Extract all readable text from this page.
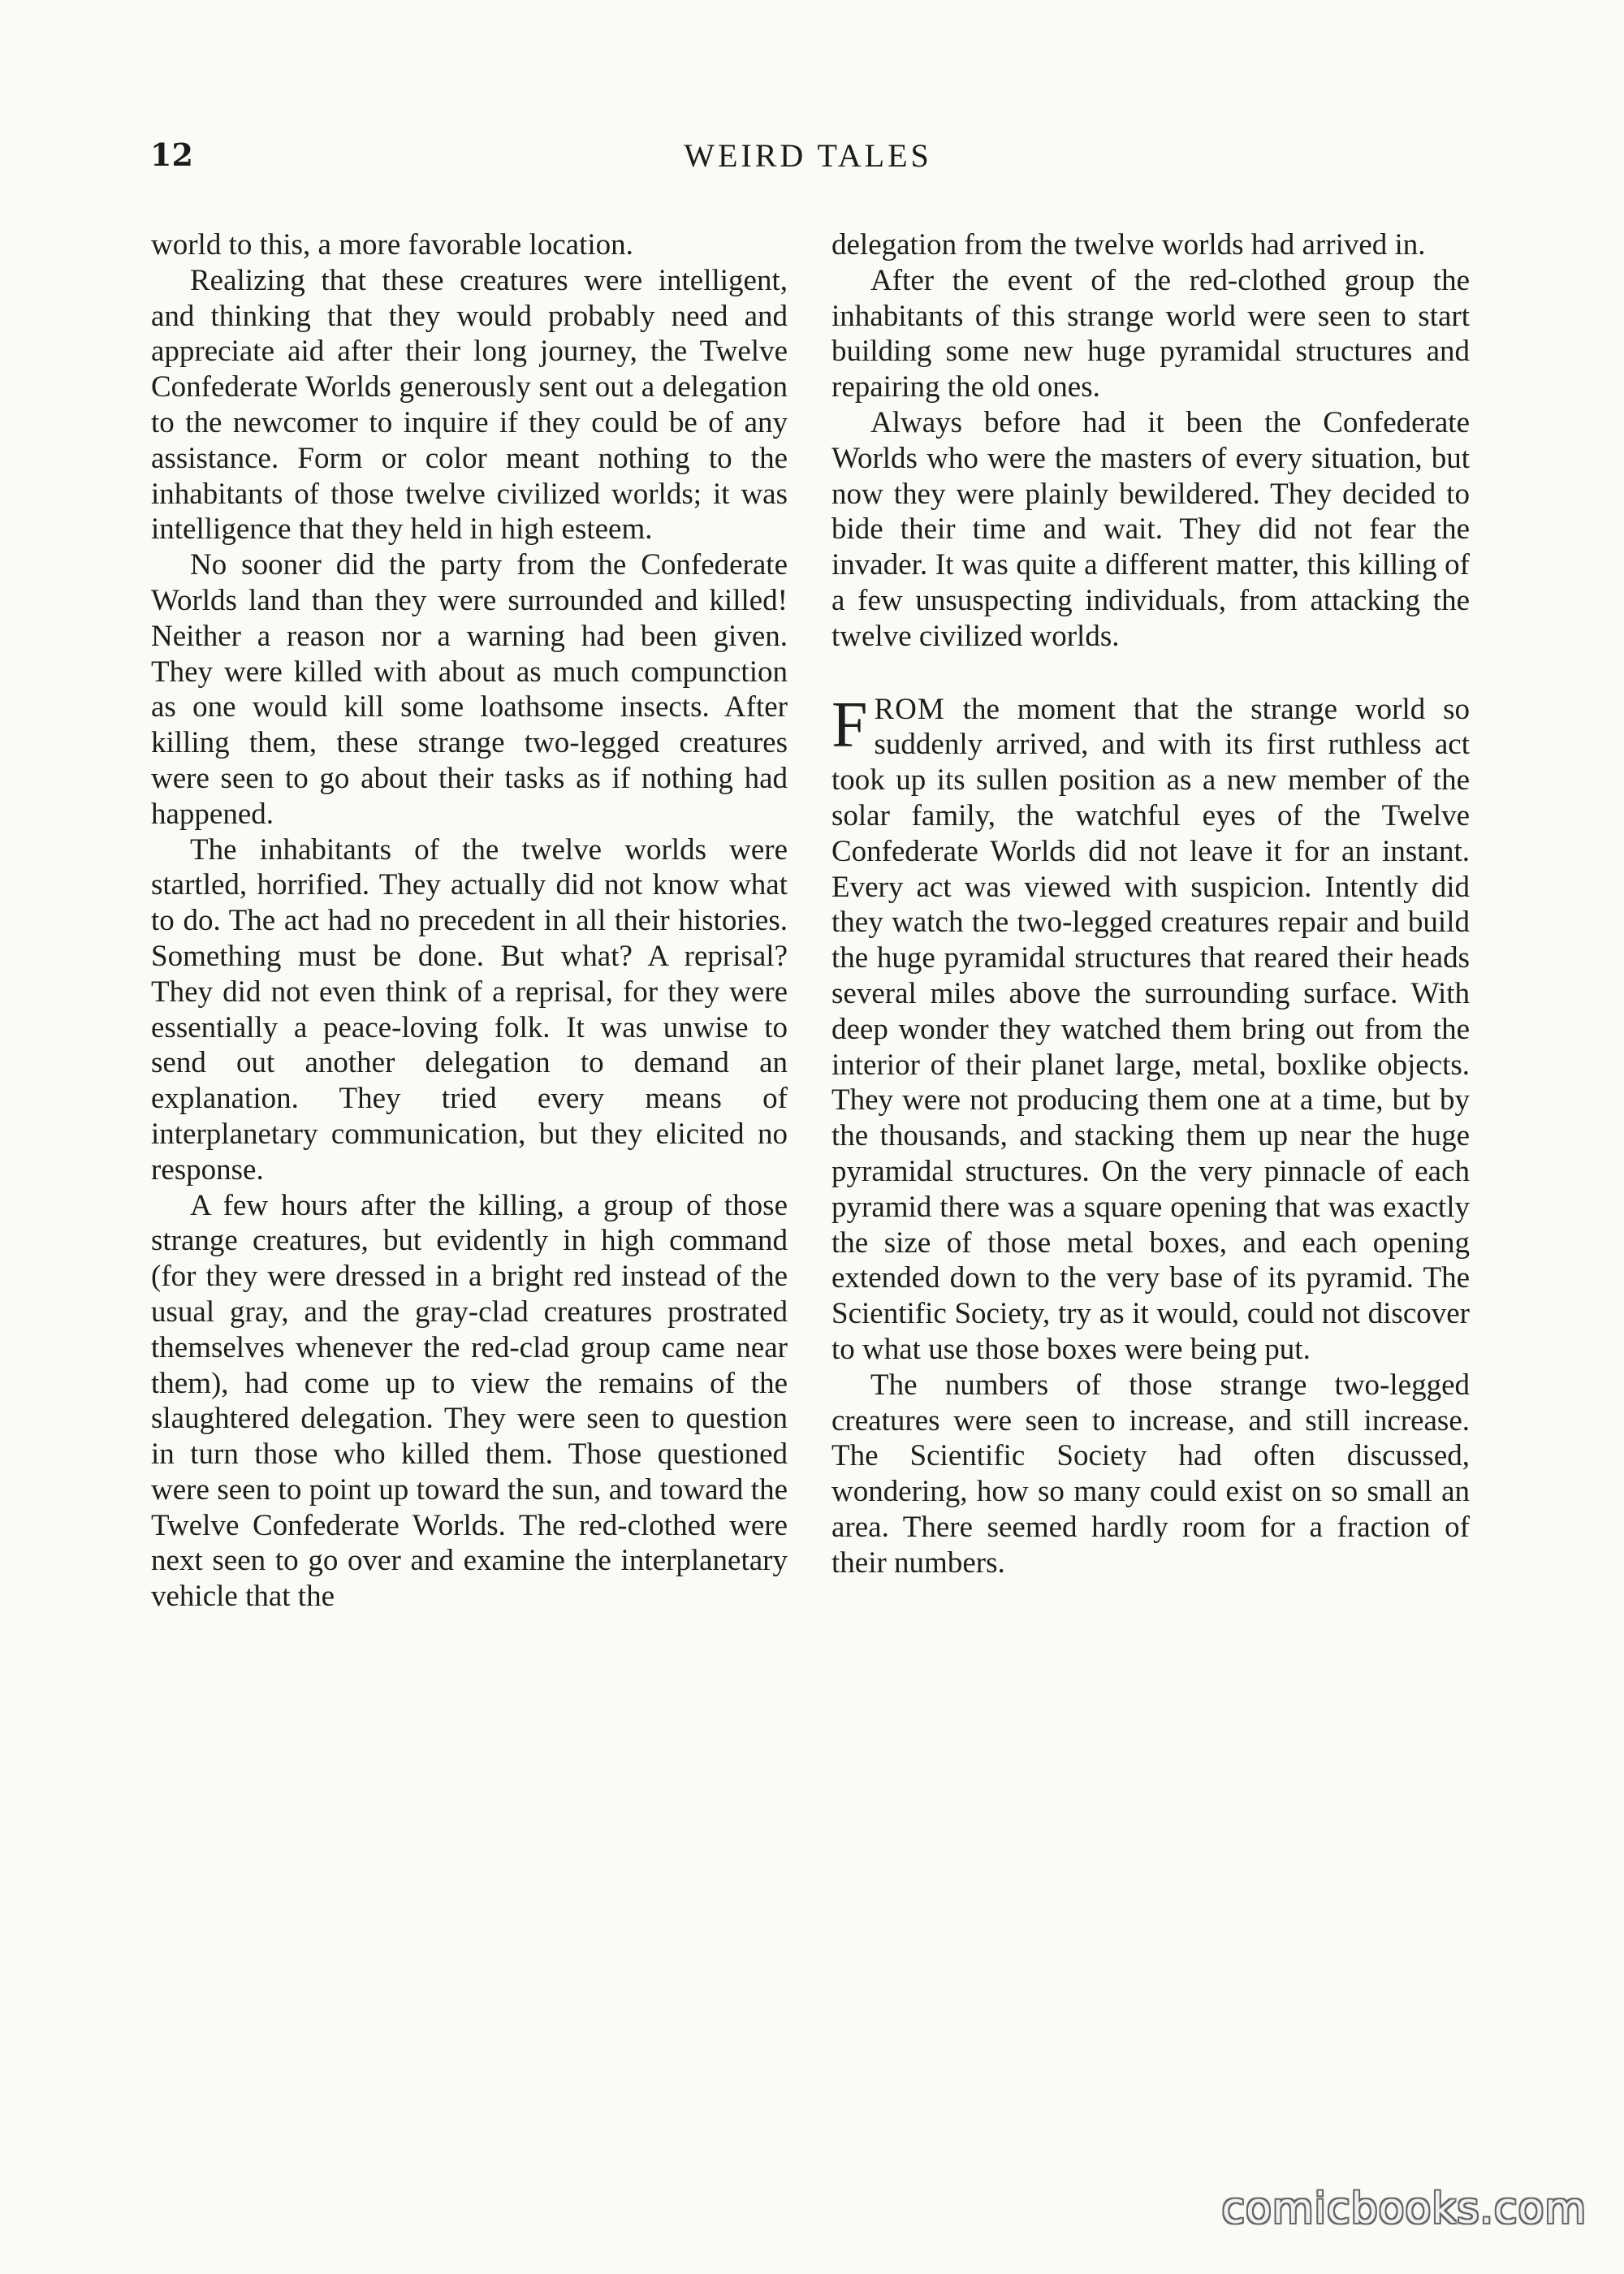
12	WEIRD TALES

world to this, a more favorable location.

Realizing that these creatures were intelligent, and thinking that they would probably need and appreciate aid after their long journey, the Twelve Confederate Worlds generously sent out a delegation to the newcomer to inquire if they could be of any assistance. Form or color meant nothing to the inhabitants of those twelve civilized worlds; it was intelligence that they held in high esteem.

No sooner did the party from the Confederate Worlds land than they were surrounded and killed! Neither a reason nor a warning had been given. They were killed with about as much compunction as one would kill some loathsome insects. After killing them, these strange two-legged creatures were seen to go about their tasks as if nothing had happened.

The inhabitants of the twelve worlds were startled, horrified. They actually did not know what to do. The act had no precedent in all their histories. Something must be done. But what? A reprisal? They did not even think of a reprisal, for they were essentially a peace-loving folk. It was unwise to send out another delegation to demand an explanation. They tried every means of interplanetary communication, but they elicited no response.

A few hours after the killing, a group of those strange creatures, but evidently in high command (for they were dressed in a bright red instead of the usual gray, and the gray-clad creatures prostrated themselves whenever the red-clad group came near them), had come up to view the remains of the slaughtered delegation. They were seen to question in turn those who killed them. Those questioned were seen to point up toward the sun, and toward the Twelve Confederate Worlds. The red-clothed were next seen to go over and examine the interplanetary vehicle that the

delegation from the twelve worlds had arrived in.

After the event of the red-clothed group the inhabitants of this strange world were seen to start building some new huge pyramidal structures and repairing the old ones.

Always before had it been the Confederate Worlds who were the masters of every situation, but now they were plainly bewildered. They decided to bide their time and wait. They did not fear the invader. It was quite a different matter, this killing of a few unsuspecting individuals, from attacking the twelve civilized worlds.

FROM the moment that the strange world so suddenly arrived, and with its first ruthless act took up its sullen position as a new member of the solar family, the watchful eyes of the Twelve Confederate Worlds did not leave it for an instant. Every act was viewed with suspicion. Intently did they watch the two-legged creatures repair and build the huge pyramidal structures that reared their heads several miles above the surrounding surface. With deep wonder they watched them bring out from the interior of their planet large, metal, boxlike objects. They were not producing them one at a time, but by the thousands, and stacking them up near the huge pyramidal structures. On the very pinnacle of each pyramid there was a square opening that was exactly the size of those metal boxes, and each opening extended down to the very base of its pyramid. The Scientific Society, try as it would, could not discover to what use those boxes were being put.

The numbers of those strange two-legged creatures were seen to increase, and still increase. The Scientific Society had often discussed, wondering, how so many could exist on so small an area. There seemed hardly room for a fraction of their numbers.

comicbooks.com
